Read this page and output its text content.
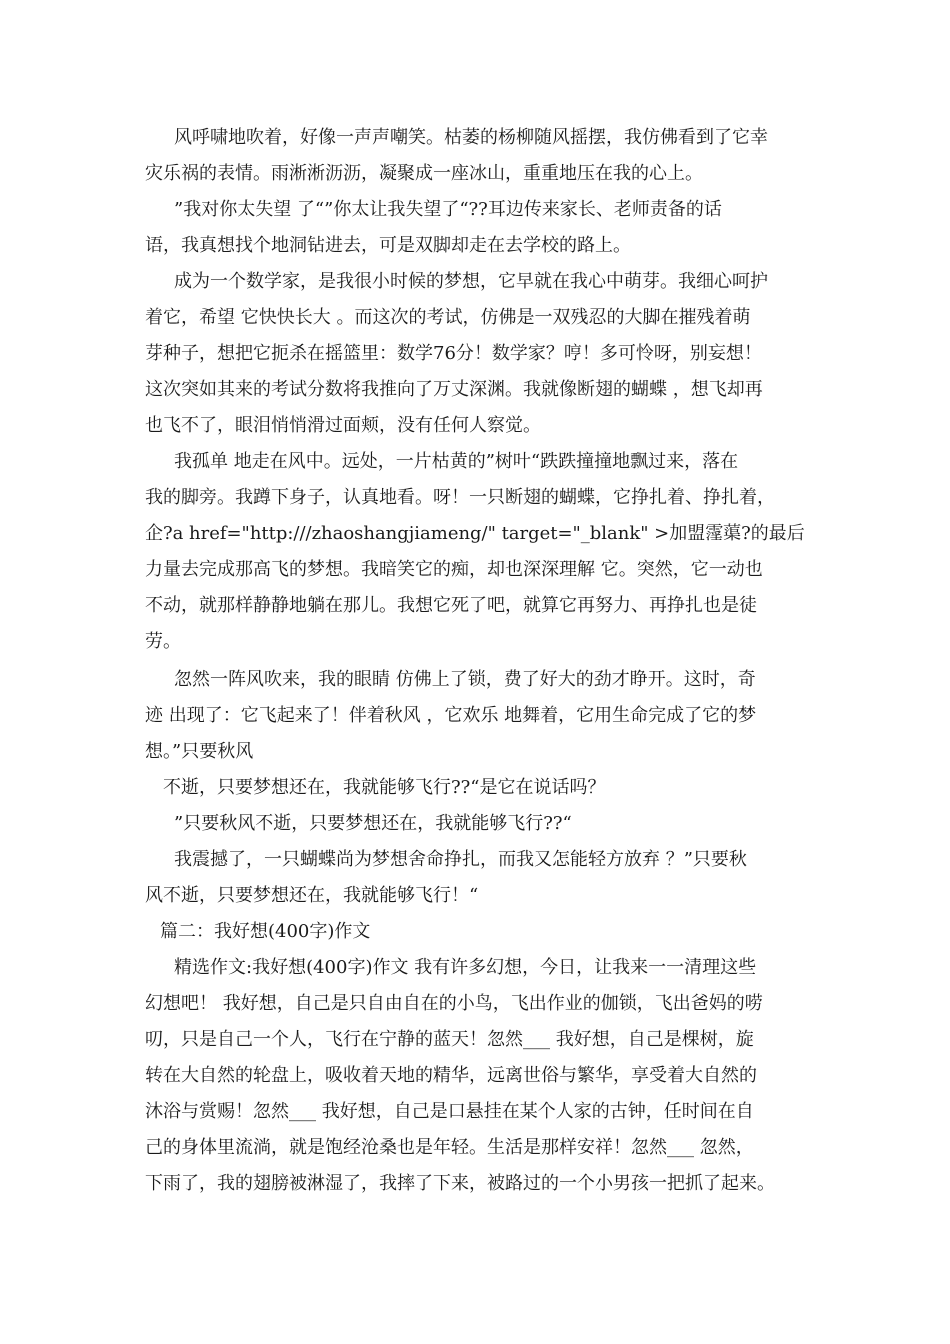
风呼啸地吹着，好像一声声嘲笑。枯萎的杨柳随风摇摆，我仿佛看到了它幸
灾乐祸的表情。雨淅淅沥沥，凝聚成一座冰山，重重地压在我的心上。
”我对你太失望 了“”你太让我失望了“??耳边传来家长、老师责备的话
语，我真想找个地洞钻进去，可是双脚却走在去学校的路上。
成为一个数学家，是我很小时候的梦想，它早就在我心中萌芽。我细心呵护
着它，希望 它快快长大 。而这次的考试，仿佛是一双残忍的大脚在摧残着萌
芽种子，想把它扼杀在摇篮里：数学76分！数学家？哼！多可怜呀，别妄想！
这次突如其来的考试分数将我推向了万丈深渊。我就像断翅的蝴蝶 ，想飞却再
也飞不了，眼泪悄悄滑过面颊，没有任何人察觉。
我孤单 地走在风中。远处，一片枯黄的”树叶“跌跌撞撞地飘过来，落在
我的脚旁。我蹲下身子，认真地看。呀！一只断翅的蝴蝶，它挣扎着、挣扎着，
企?a href="http:///zhaoshangjiameng/" target="_blank" >加盟霪蕖?的最后
力量去完成那高飞的梦想。我暗笑它的痴，却也深深理解 它。突然，它一动也
不动，就那样静静地躺在那儿。我想它死了吧，就算它再努力、再挣扎也是徒
劳。
忽然一阵风吹来，我的眼睛 仿佛上了锁，费了好大的劲才睁开。这时，奇
迹 出现了：它飞起来了！伴着秋风 ，它欢乐 地舞着，它用生命完成了它的梦
想。”只要秋风
不逝，只要梦想还在，我就能够飞行??“是它在说话吗？
”只要秋风不逝，只要梦想还在，我就能够飞行??“
我震撼了，一只蝴蝶尚为梦想舍命挣扎，而我又怎能轻方放弃 ？”只要秋
风不逝，只要梦想还在，我就能够飞行！“
篇二：我好想(400字)作文
精选作文:我好想(400字)作文 我有许多幻想，今日，让我来一一清理这些
幻想吧！ 我好想，自己是只自由自在的小鸟，飞出作业的伽锁，飞出爸妈的唠
叨，只是自己一个人，飞行在宁静的蓝天！忽然___ 我好想，自己是棵树，旋
转在大自然的轮盘上，吸收着天地的精华，远离世俗与繁华，享受着大自然的
沐浴与赏赐！忽然___ 我好想，自己是口悬挂在某个人家的古钟，任时间在自
己的身体里流淌，就是饱经沧桑也是年轻。生活是那样安祥！忽然___ 忽然，
下雨了，我的翅膀被淋湿了，我摔了下来，被路过的一个小男孩一把抓了起来。
